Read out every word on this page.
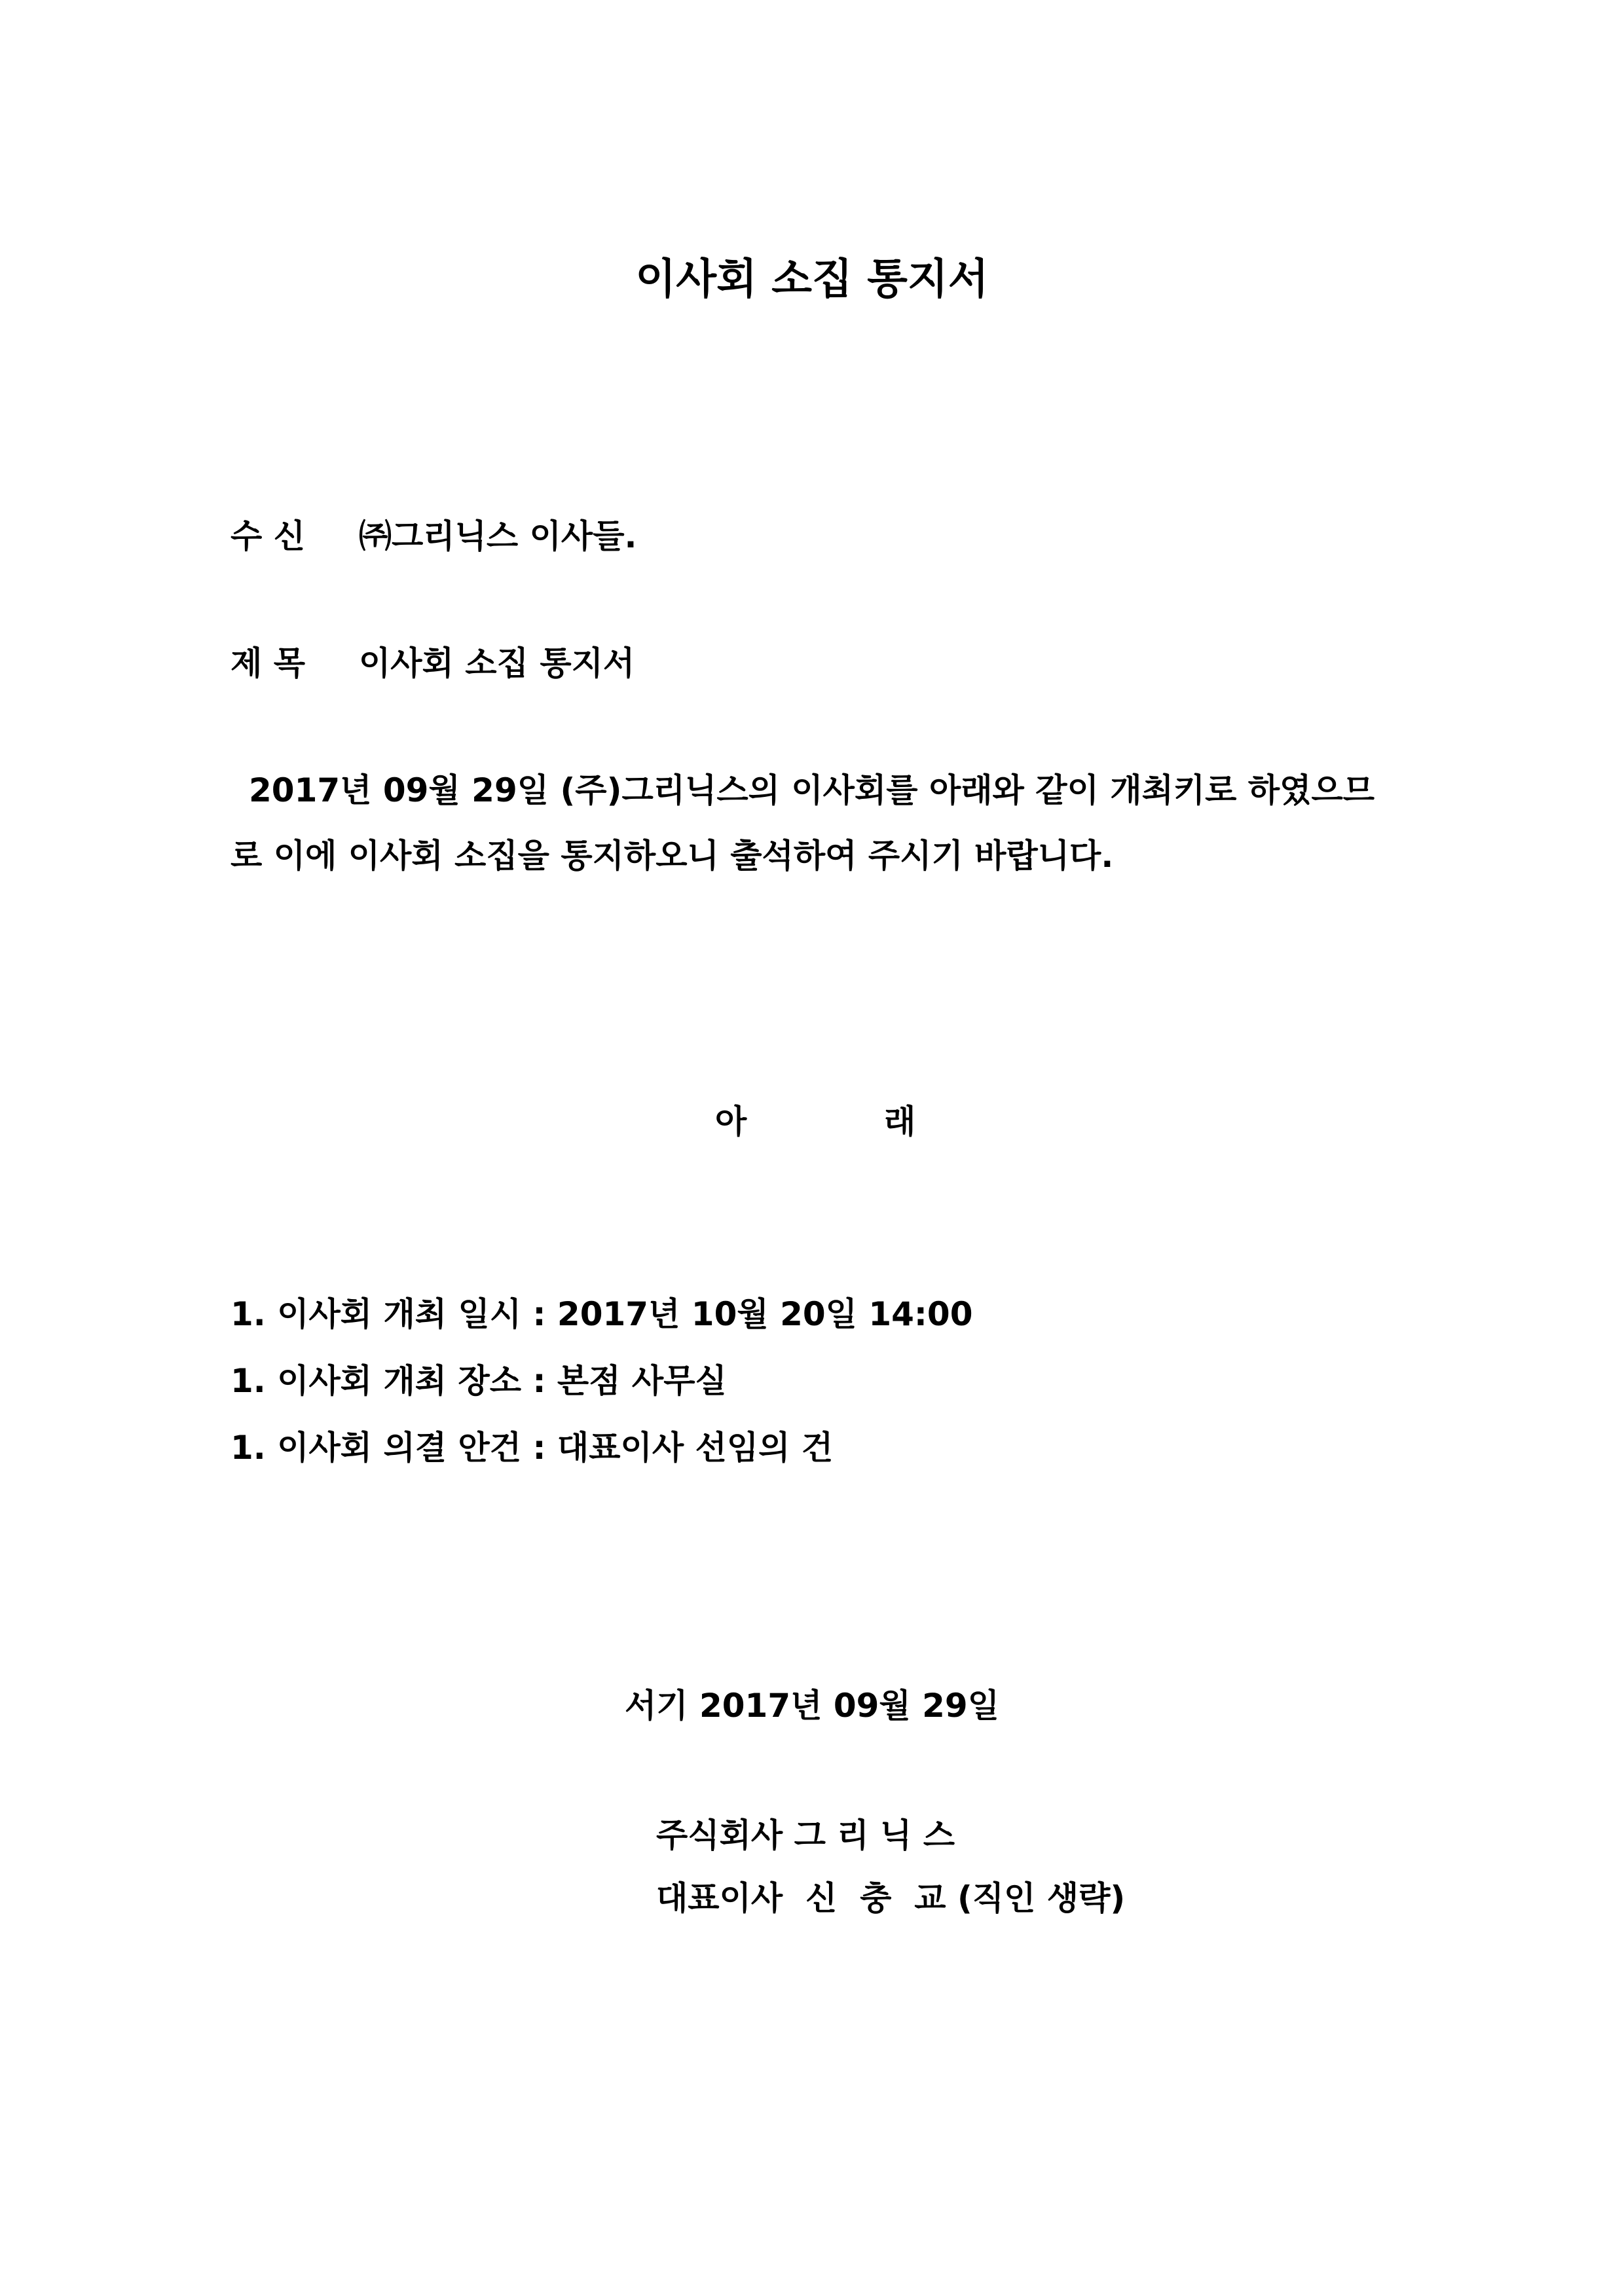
이사회 소집 통지서
수 신 ㈜그리닉스 이사들.
제 목 이사회 소집 통지서
2017년 09월 29일 (주)그리닉스의 이사회를 아래와 같이 개최키로 하였으므
로 이에 이사회 소집을 통지하오니 출석하여 주시기 바랍니다.
아	래
1. 이사회 개최 일시 : 2017년 10월 20일 14:00
1. 이사회 개최 장소 : 본점 사무실
1. 이사회 의결 안건 : 대표이사 선임의 건
서기 2017년 09월 29일
주식회사 그 리 닉 스
대표이사  신  충  교 (직인 생략)
